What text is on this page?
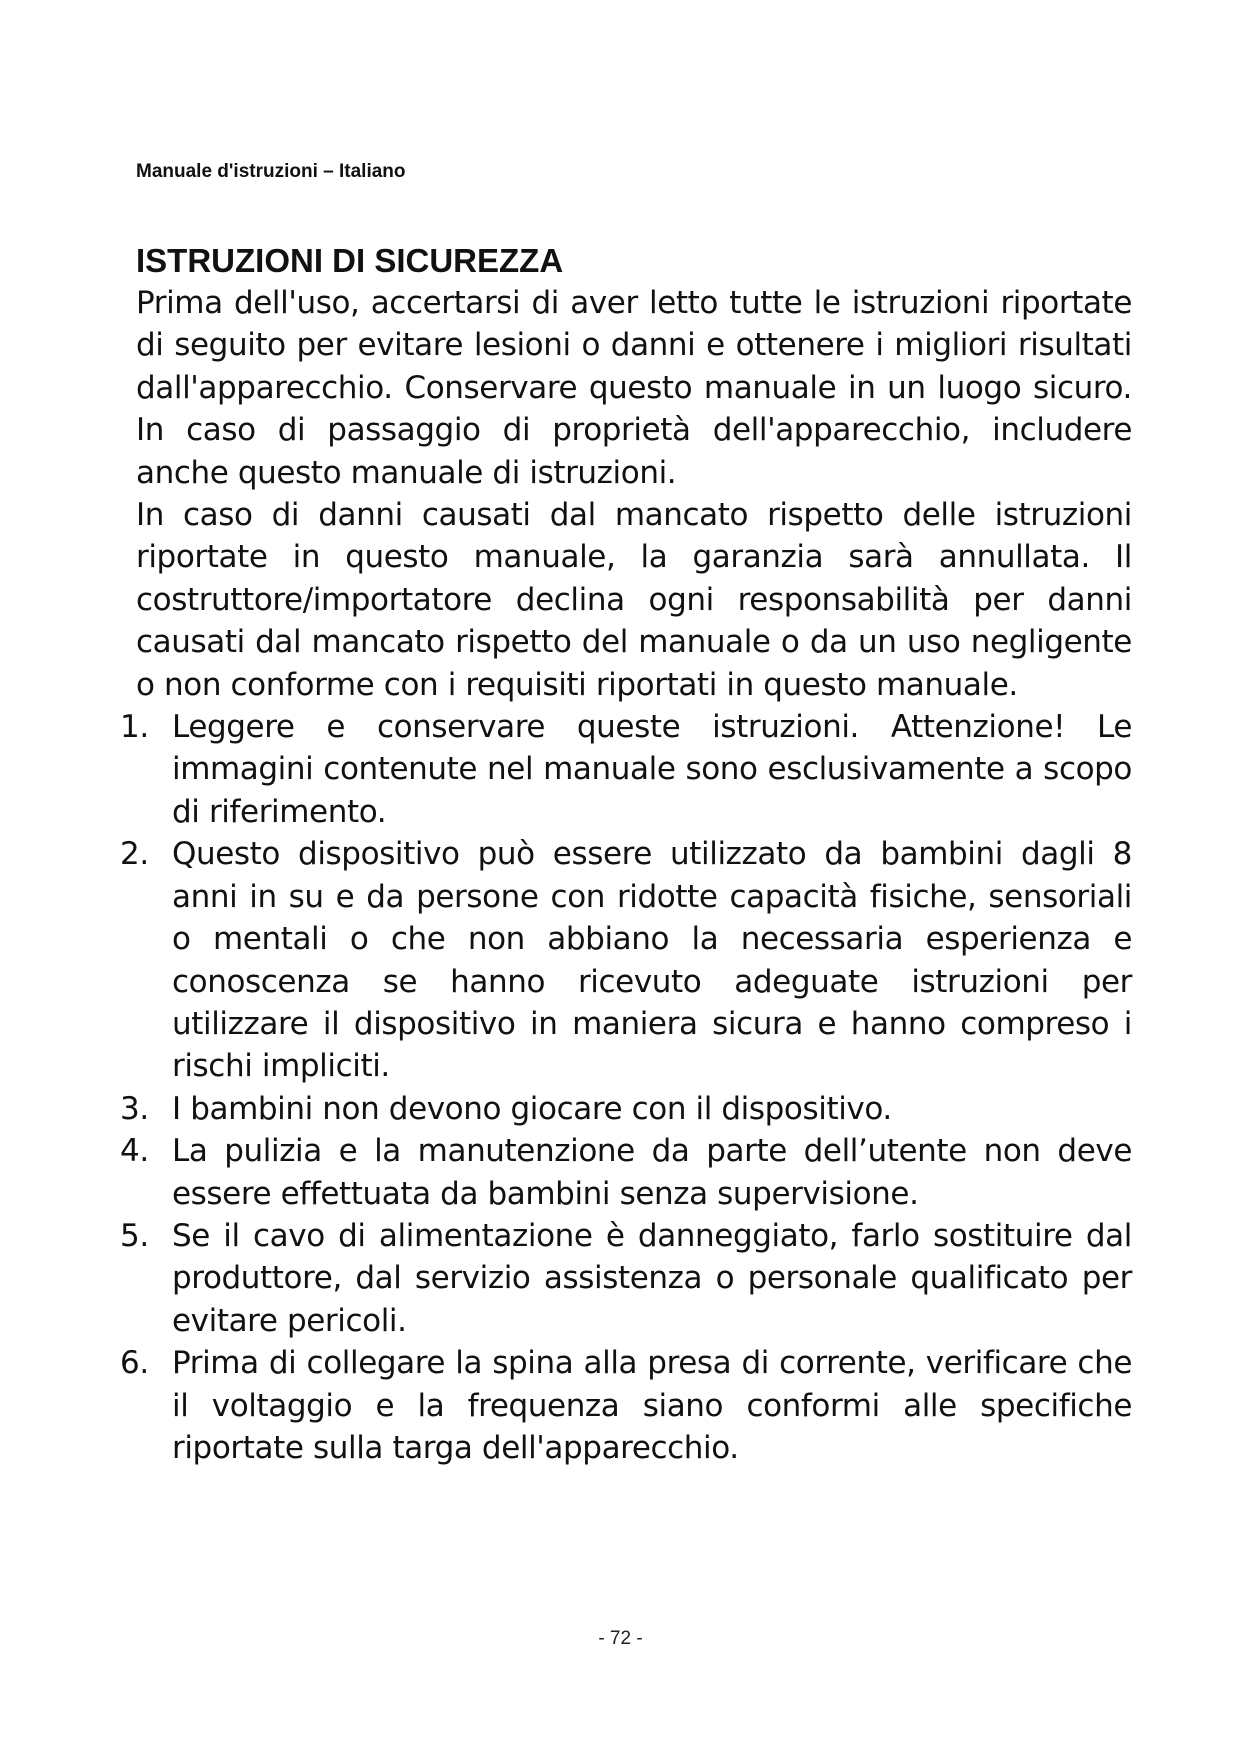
Manuale d'istruzioni – Italiano
ISTRUZIONI DI SICUREZZA

Prima dell'uso, accertarsi di aver letto tutte le istruzioni riportate di seguito per evitare lesioni o danni e ottenere i migliori risultati dall'apparecchio. Conservare questo manuale in un luogo sicuro. In caso di passaggio di proprietà dell'apparecchio, includere anche questo manuale di istruzioni.

In caso di danni causati dal mancato rispetto delle istruzioni riportate in questo manuale, la garanzia sarà annullata. Il costruttore/importatore declina ogni responsabilità per danni causati dal mancato rispetto del manuale o da un uso negligente o non conforme con i requisiti riportati in questo manuale.

1. Leggere e conservare queste istruzioni. Attenzione! Le immagini contenute nel manuale sono esclusivamente a scopo di riferimento.
2. Questo dispositivo può essere utilizzato da bambini dagli 8 anni in su e da persone con ridotte capacità fisiche, sensoriali o mentali o che non abbiano la necessaria esperienza e conoscenza se hanno ricevuto adeguate istruzioni per utilizzare il dispositivo in maniera sicura e hanno compreso i rischi impliciti.
3. I bambini non devono giocare con il dispositivo.
4. La pulizia e la manutenzione da parte dell’utente non deve essere effettuata da bambini senza supervisione.
5. Se il cavo di alimentazione è danneggiato, farlo sostituire dal produttore, dal servizio assistenza o personale qualificato per evitare pericoli.
6. Prima di collegare la spina alla presa di corrente, verificare che il voltaggio e la frequenza siano conformi alle specifiche riportate sulla targa dell'apparecchio.
- 72 -
